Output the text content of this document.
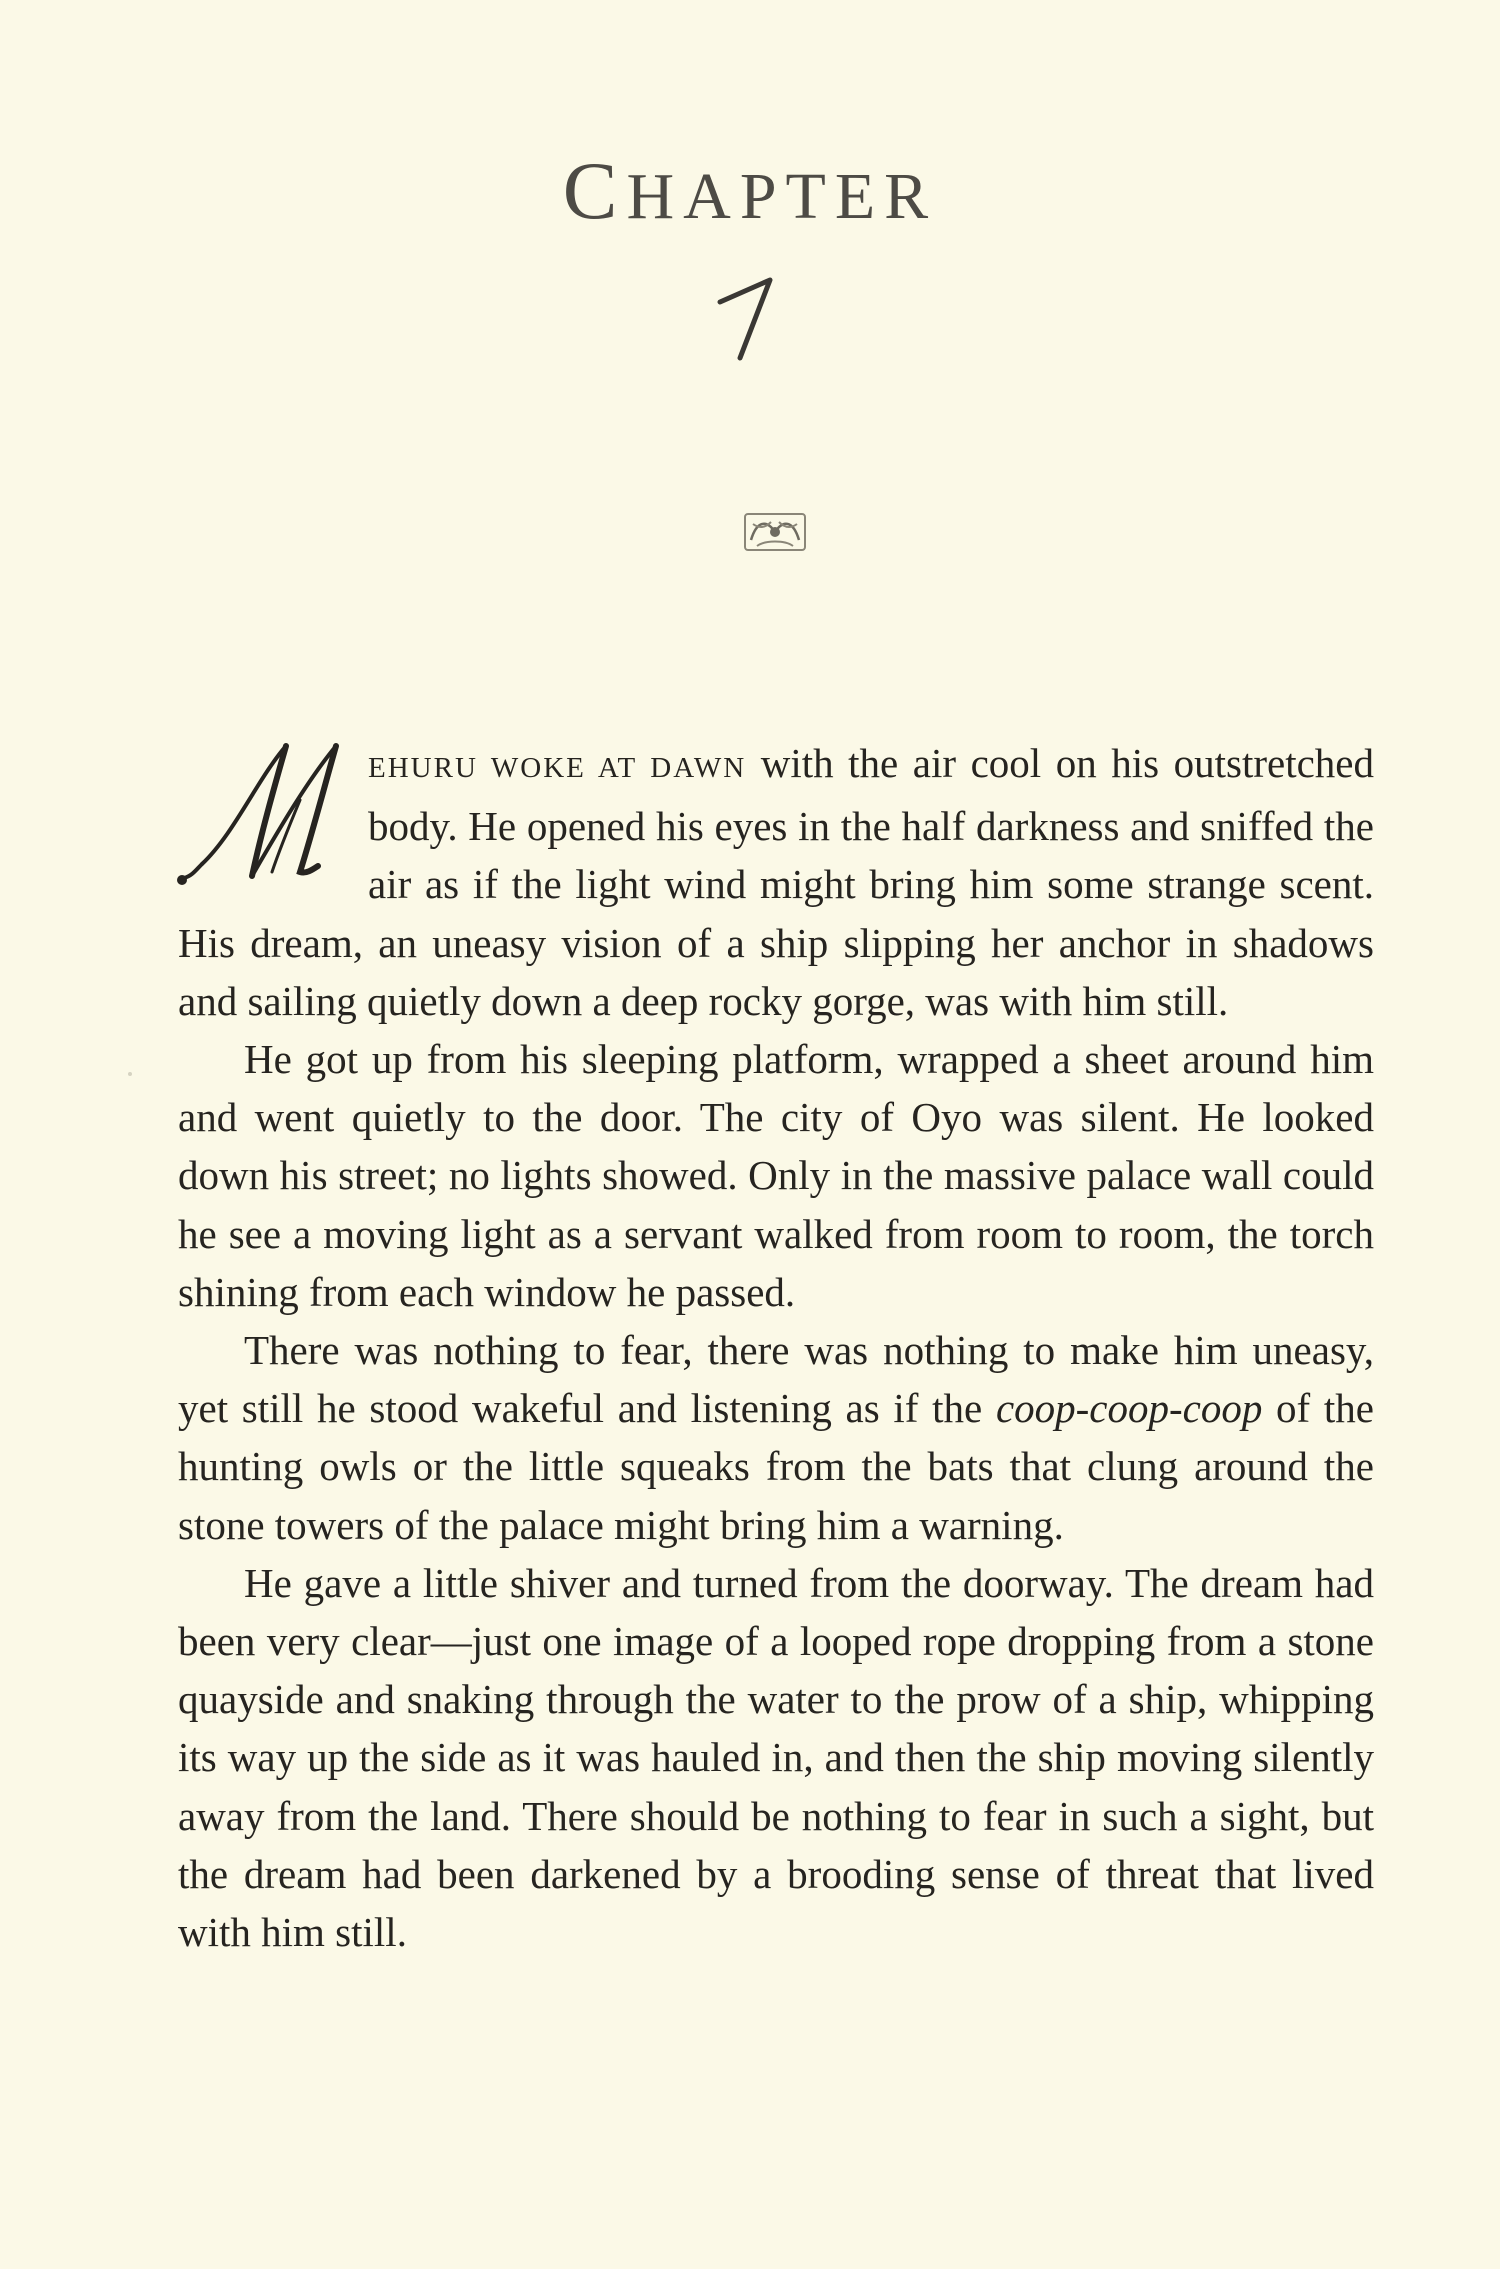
CHAPTER
1

EHURU WOKE AT DAWN with the air cool on his outstretched body. He opened his eyes in the half darkness and sniffed the air as if the light wind might bring him some strange scent. His dream, an uneasy vision of a ship slipping her anchor in shadows and sailing quietly down a deep rocky gorge, was with him still.

He got up from his sleeping platform, wrapped a sheet around him and went quietly to the door. The city of Oyo was silent. He looked down his street; no lights showed. Only in the massive palace wall could he see a moving light as a servant walked from room to room, the torch shining from each window he passed.

There was nothing to fear, there was nothing to make him uneasy, yet still he stood wakeful and listening as if the coop-coop-coop of the hunting owls or the little squeaks from the bats that clung around the stone towers of the palace might bring him a warning.

He gave a little shiver and turned from the doorway. The dream had been very clear—just one image of a looped rope dropping from a stone quayside and snaking through the water to the prow of a ship, whipping its way up the side as it was hauled in, and then the ship moving silently away from the land. There should be nothing to fear in such a sight, but the dream had been darkened by a brooding sense of threat that lived with him still.
